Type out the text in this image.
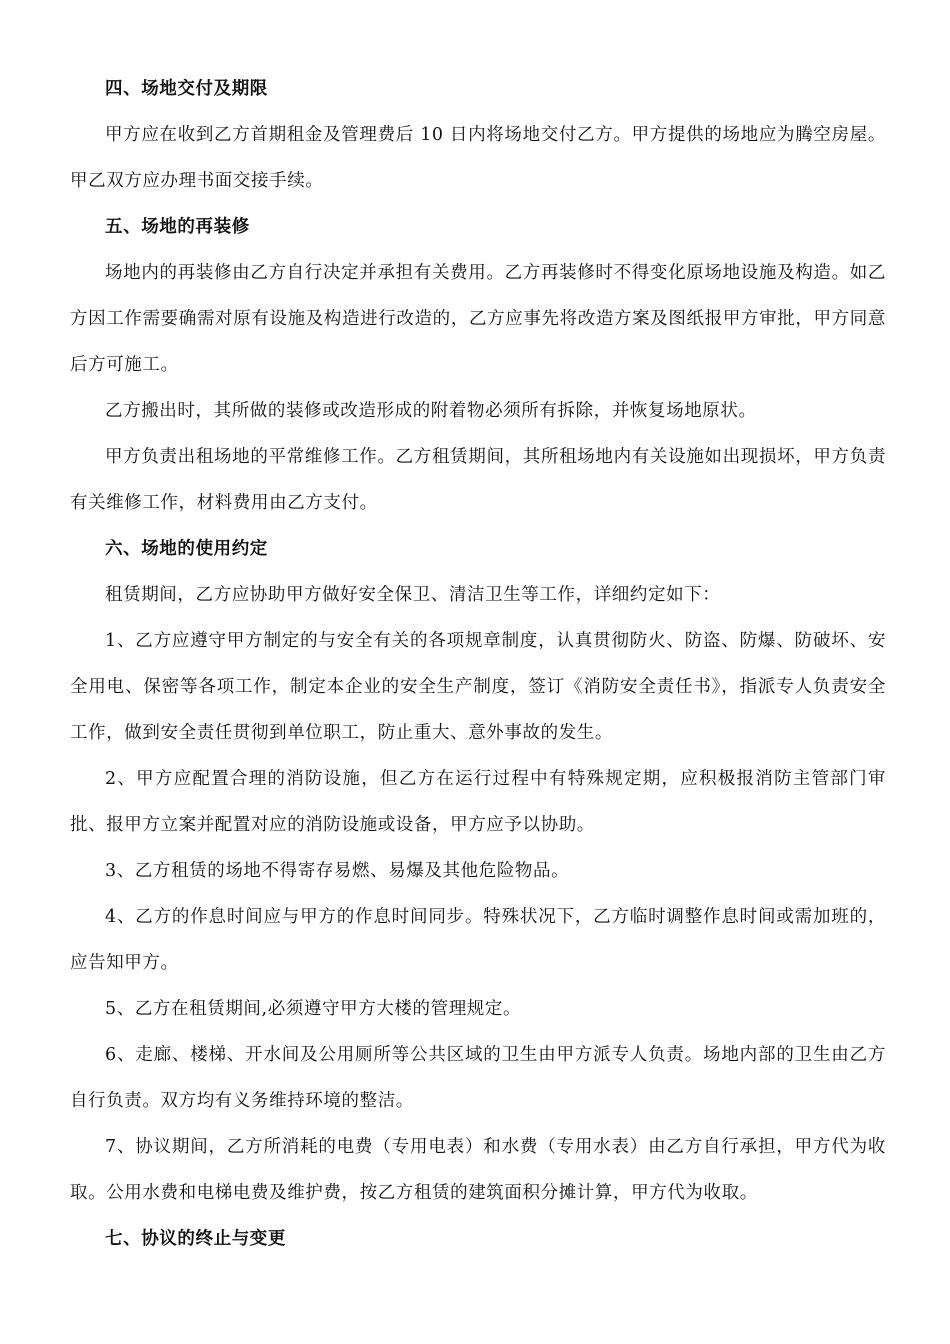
四、场地交付及期限

甲方应在收到乙方首期租金及管理费后 10 日内将场地交付乙方。甲方提供的场地应为腾空房屋。甲乙双方应办理书面交接手续。

五、场地的再装修

场地内的再装修由乙方自行决定并承担有关费用。乙方再装修时不得变化原场地设施及构造。如乙方因工作需要确需对原有设施及构造进行改造的，乙方应事先将改造方案及图纸报甲方审批，甲方同意后方可施工。

乙方搬出时，其所做的装修或改造形成的附着物必须所有拆除，并恢复场地原状。

甲方负责出租场地的平常维修工作。乙方租赁期间，其所租场地内有关设施如出现损坏，甲方负责有关维修工作，材料费用由乙方支付。

六、场地的使用约定

租赁期间，乙方应协助甲方做好安全保卫、清洁卫生等工作，详细约定如下：

1、乙方应遵守甲方制定的与安全有关的各项规章制度，认真贯彻防火、防盗、防爆、防破坏、安全用电、保密等各项工作，制定本企业的安全生产制度，签订《消防安全责任书》，指派专人负责安全工作，做到安全责任贯彻到单位职工，防止重大、意外事故的发生。

2、甲方应配置合理的消防设施，但乙方在运行过程中有特殊规定期，应积极报消防主管部门审批、报甲方立案并配置对应的消防设施或设备，甲方应予以协助。

3、乙方租赁的场地不得寄存易燃、易爆及其他危险物品。

4、乙方的作息时间应与甲方的作息时间同步。特殊状况下，乙方临时调整作息时间或需加班的，应告知甲方。

5、乙方在租赁期间,必须遵守甲方大楼的管理规定。

6、走廊、楼梯、开水间及公用厕所等公共区域的卫生由甲方派专人负责。场地内部的卫生由乙方自行负责。双方均有义务维持环境的整洁。

7、协议期间，乙方所消耗的电费（专用电表）和水费（专用水表）由乙方自行承担，甲方代为收取。公用水费和电梯电费及维护费，按乙方租赁的建筑面积分摊计算，甲方代为收取。

七、协议的终止与变更
